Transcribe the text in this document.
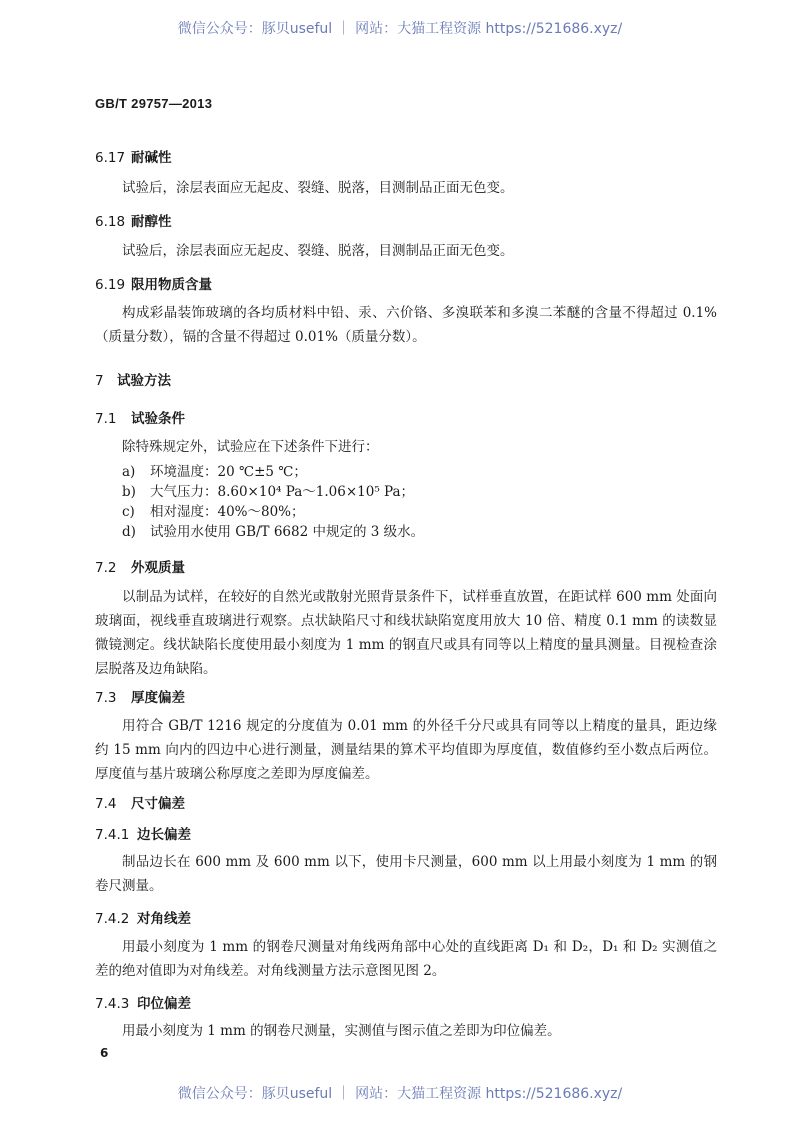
微信公众号：豚贝useful ｜ 网站：大猫工程资源 https://521686.xyz/
GB/T 29757—2013
6.17 耐碱性
试验后，涂层表面应无起皮、裂缝、脱落，目测制品正面无色变。
6.18 耐醇性
试验后，涂层表面应无起皮、裂缝、脱落，目测制品正面无色变。
6.19 限用物质含量
构成彩晶装饰玻璃的各均质材料中铅、汞、六价铬、多溴联苯和多溴二苯醚的含量不得超过 0.1%（质量分数），镉的含量不得超过 0.01%（质量分数）。
7 试验方法
7.1 试验条件
除特殊规定外，试验应在下述条件下进行：
a) 环境温度：20 ℃±5 ℃；
b) 大气压力：8.60×10⁴ Pa～1.06×10⁵ Pa；
c) 相对湿度：40%～80%；
d) 试验用水使用 GB/T 6682 中规定的 3 级水。
7.2 外观质量
以制品为试样，在较好的自然光或散射光照背景条件下，试样垂直放置，在距试样 600 mm 处面向玻璃面，视线垂直玻璃进行观察。点状缺陷尺寸和线状缺陷宽度用放大 10 倍、精度 0.1 mm 的读数显微镜测定。线状缺陷长度使用最小刻度为 1 mm 的钢直尺或具有同等以上精度的量具测量。目视检查涂层脱落及边角缺陷。
7.3 厚度偏差
用符合 GB/T 1216 规定的分度值为 0.01 mm 的外径千分尺或具有同等以上精度的量具，距边缘约 15 mm 向内的四边中心进行测量，测量结果的算术平均值即为厚度值，数值修约至小数点后两位。厚度值与基片玻璃公称厚度之差即为厚度偏差。
7.4 尺寸偏差
7.4.1 边长偏差
制品边长在 600 mm 及 600 mm 以下，使用卡尺测量，600 mm 以上用最小刻度为 1 mm 的钢卷尺测量。
7.4.2 对角线差
用最小刻度为 1 mm 的钢卷尺测量对角线两角部中心处的直线距离 D₁ 和 D₂，D₁ 和 D₂ 实测值之差的绝对值即为对角线差。对角线测量方法示意图见图 2。
7.4.3 印位偏差
用最小刻度为 1 mm 的钢卷尺测量，实测值与图示值之差即为印位偏差。
6
微信公众号：豚贝useful ｜ 网站：大猫工程资源 https://521686.xyz/
